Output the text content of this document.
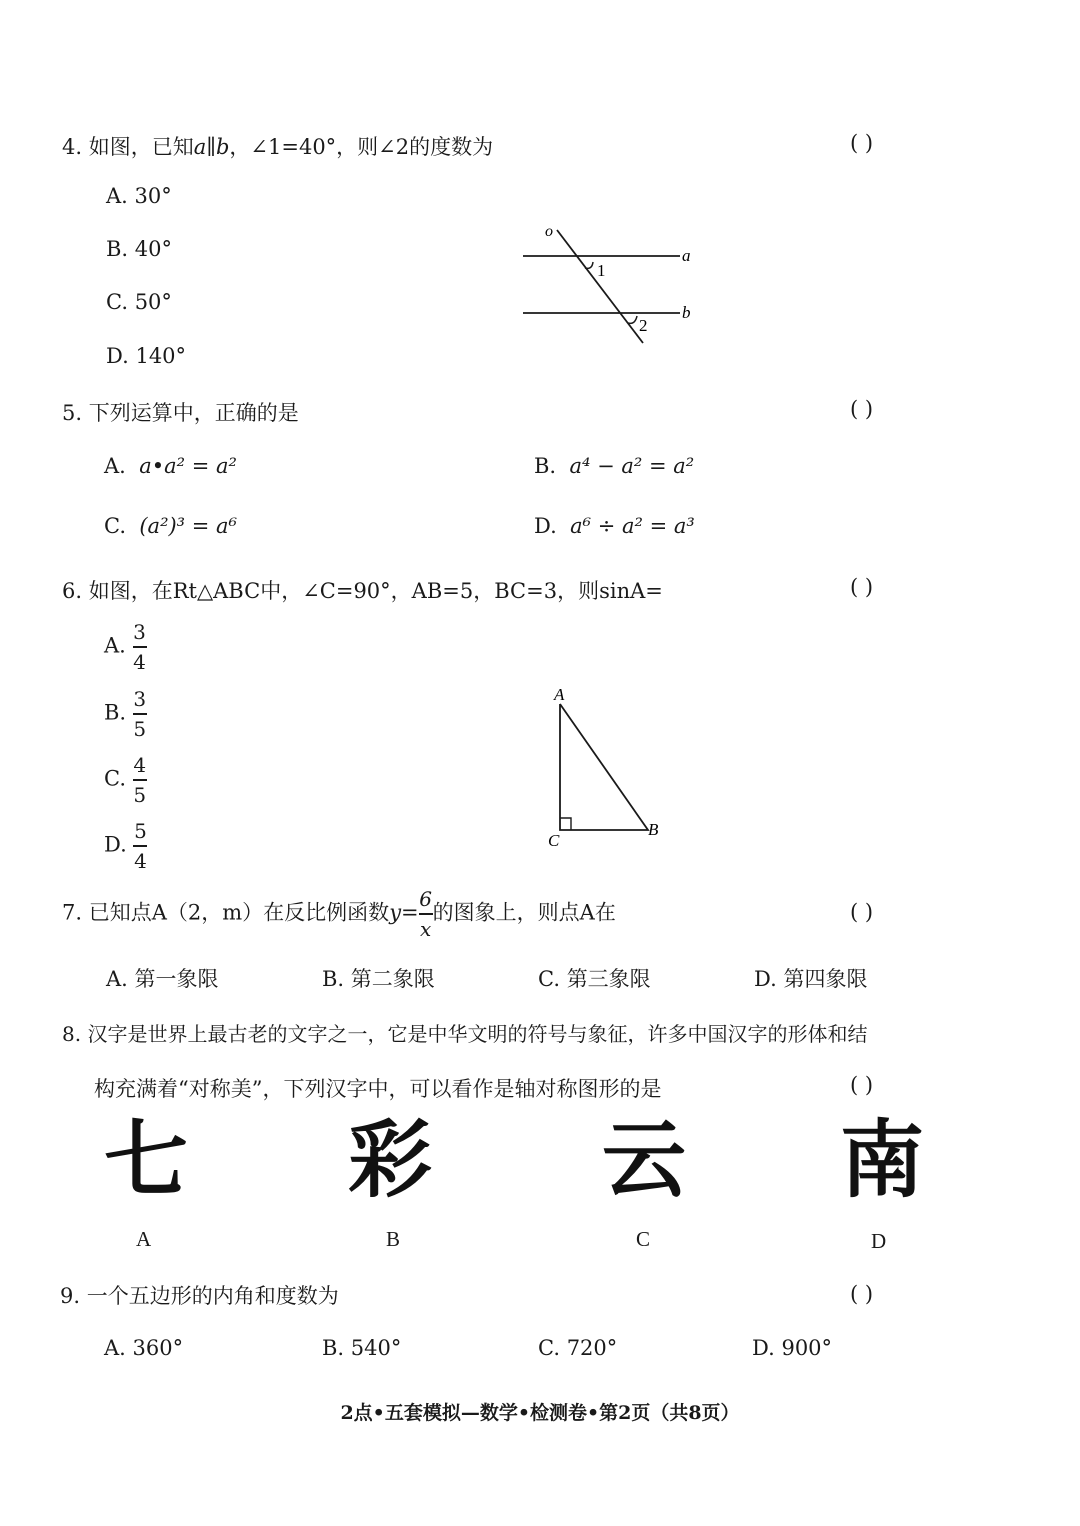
4. 如图，已知a∥b，∠1=40°，则∠2的度数为	( )
A. 30°
B. 40°
C. 50°
D. 140°
o
a
b
1
2
5. 下列运算中，正确的是	( )
A. a•a² = a²	B. a⁴ − a² = a²
C. (a²)³ = a⁶	D. a⁶ ÷ a² = a³
6. 如图，在Rt△ABC中，∠C=90°，AB=5，BC=3，则sinA=	( )
A. $\frac{3}{4}$
B. $\frac{3}{5}$
C. $\frac{4}{5}$
D. $\frac{5}{4}$
A
B
C
7. 已知点A（2，m）在反比例函数$y= \frac{6}{x}$ 的图象上，则点A在	( )
A. 第一象限	B. 第二象限	C. 第三象限	D. 第四象限
8. 汉字是世界上最古老的文字之一，它是中华文明的符号与象征，许多中国汉字的形体和结
构充满着“对称美”，下列汉字中，可以看作是轴对称图形的是	( )
七 彩 云 南
A	B	C	D
9. 一个五边形的内角和度数为	( )
A. 360°	B. 540°	C. 720°	D. 900°
2点•五套模拟—数学•检测卷•第2页（共8页）
